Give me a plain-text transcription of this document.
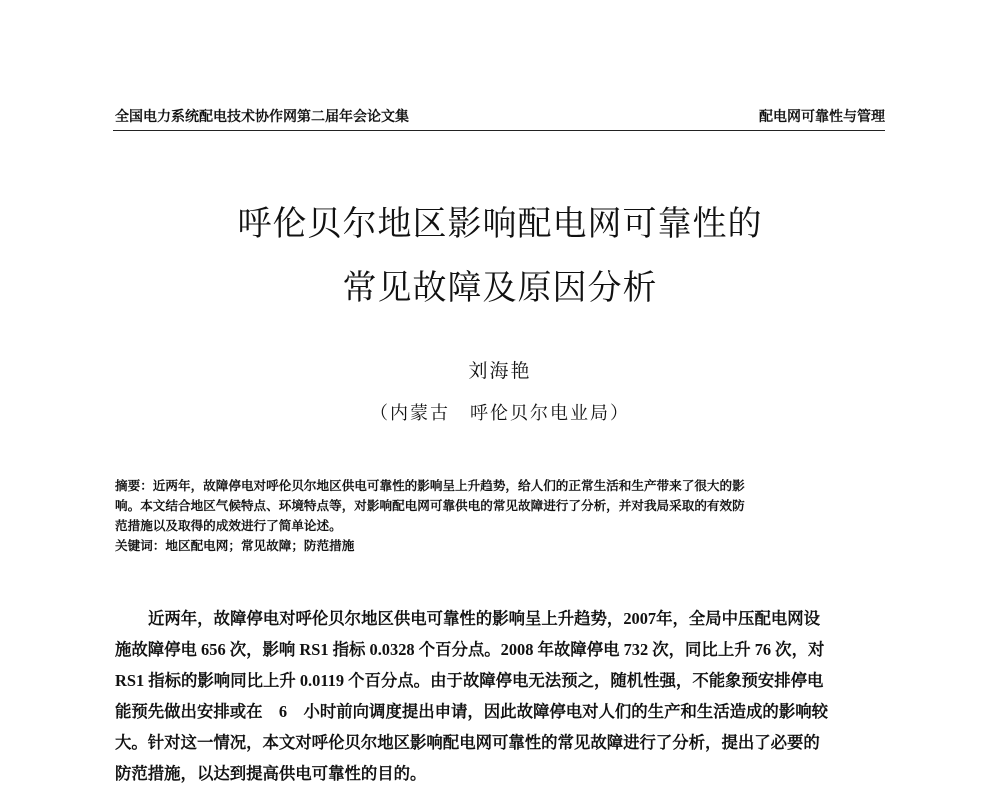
全国电力系统配电技术协作网第二届年会论文集	配电网可靠性与管理
呼伦贝尔地区影响配电网可靠性的
常见故障及原因分析
刘海艳
（内蒙古　呼伦贝尔电业局）
摘要：近两年，故障停电对呼伦贝尔地区供电可靠性的影响呈上升趋势，给人们的正常生活和生产带来了很大的影
响。本文结合地区气候特点、环境特点等，对影响配电网可靠供电的常见故障进行了分析，并对我局采取的有效防
范措施以及取得的成效进行了简单论述。
关键词：地区配电网；常见故障；防范措施
近两年，故障停电对呼伦贝尔地区供电可靠性的影响呈上升趋势，2007年，全局中压配电网设
施故障停电 656 次，影响 RS1 指标 0.0328 个百分点。2008 年故障停电 732 次，同比上升 76 次，对
RS1 指标的影响同比上升 0.0119 个百分点。由于故障停电无法预之，随机性强，不能象预安排停电
能预先做出安排或在　6　小时前向调度提出申请，因此故障停电对人们的生产和生活造成的影响较
大。针对这一情况，本文对呼伦贝尔地区影响配电网可靠性的常见故障进行了分析，提出了必要的
防范措施，以达到提高供电可靠性的目的。
